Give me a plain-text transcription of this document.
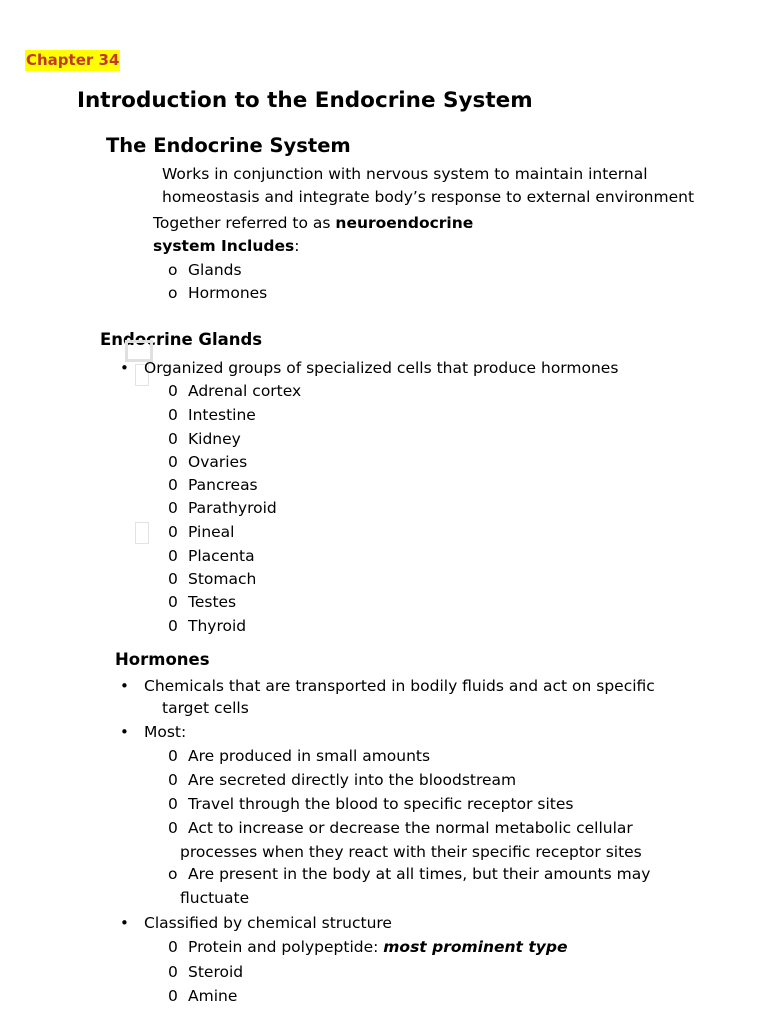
Chapter 34
Introduction to the Endocrine System
The Endocrine System
Works in conjunction with nervous system to maintain internal
homeostasis and integrate body’s response to external environment
Together referred to as neuroendocrine
system Includes:
o Glands
o Hormones
Endocrine Glands
• Organized groups of specialized cells that produce hormones
0 Adrenal cortex
0 Intestine
0 Kidney
0 Ovaries
0 Pancreas
0 Parathyroid
0 Pineal
0 Placenta
0 Stomach
0 Testes
0 Thyroid
Hormones
• Chemicals that are transported in bodily fluids and act on specific
target cells
• Most:
0 Are produced in small amounts
0 Are secreted directly into the bloodstream
0 Travel through the blood to specific receptor sites
0 Act to increase or decrease the normal metabolic cellular
processes when they react with their specific receptor sites
o Are present in the body at all times, but their amounts may
fluctuate
• Classified by chemical structure
0 Protein and polypeptide: most prominent type
0 Steroid
0 Amine
